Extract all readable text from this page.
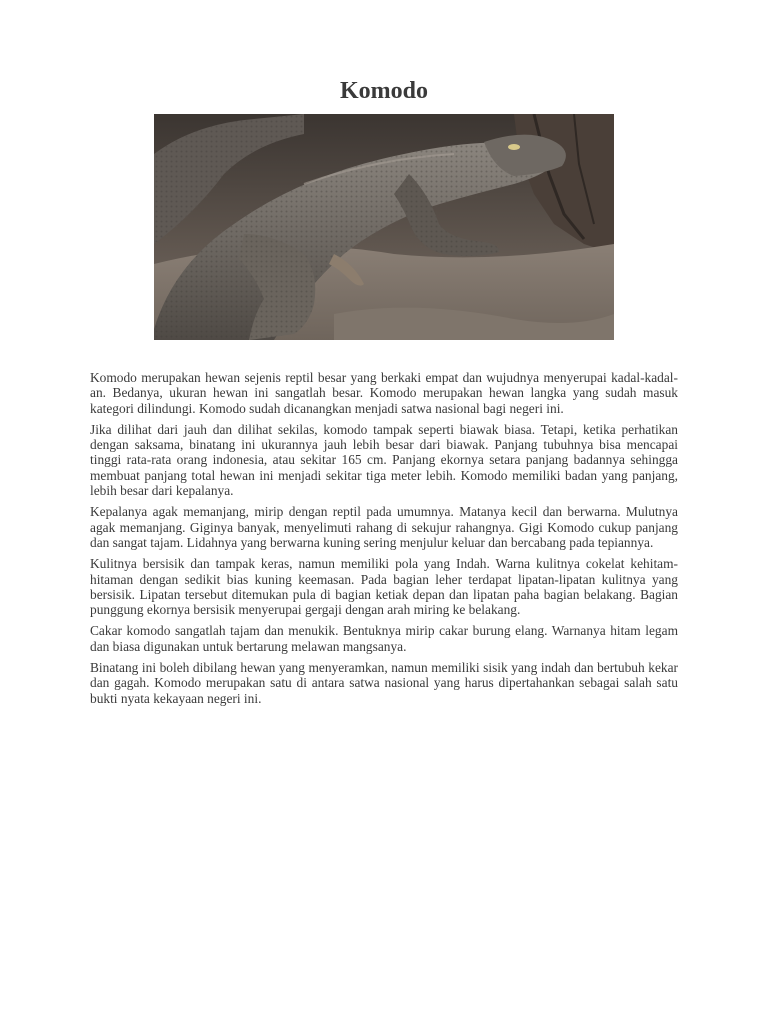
Komodo

Komodo merupakan hewan sejenis reptil besar yang berkaki empat dan wujudnya menyerupai kadal-kadal-an. Bedanya, ukuran hewan ini sangatlah besar. Komodo merupakan hewan langka yang sudah masuk kategori dilindungi. Komodo sudah dicanangkan menjadi satwa nasional bagi negeri ini.

Jika dilihat dari jauh dan dilihat sekilas, komodo tampak seperti biawak biasa. Tetapi, ketika perhatikan dengan saksama, binatang ini ukurannya jauh lebih besar dari biawak. Panjang tubuhnya bisa mencapai tinggi rata-rata orang indonesia, atau sekitar 165 cm. Panjang ekornya setara panjang badannya sehingga membuat panjang total hewan ini menjadi sekitar tiga meter lebih. Komodo memiliki badan yang panjang, lebih besar dari kepalanya.

Kepalanya agak memanjang, mirip dengan reptil pada umumnya. Matanya kecil dan berwarna. Mulutnya agak memanjang. Giginya banyak, menyelimuti rahang di sekujur rahangnya. Gigi Komodo cukup panjang dan sangat tajam. Lidahnya yang berwarna kuning sering menjulur keluar dan bercabang pada tepiannya.

Kulitnya bersisik dan tampak keras, namun memiliki pola yang Indah. Warna kulitnya cokelat kehitam-hitaman dengan sedikit bias kuning keemasan. Pada bagian leher terdapat lipatan-lipatan kulitnya yang bersisik. Lipatan tersebut ditemukan pula di bagian ketiak depan dan lipatan paha bagian belakang. Bagian punggung ekornya bersisik menyerupai gergaji dengan arah miring ke belakang.

Cakar komodo sangatlah tajam dan menukik. Bentuknya mirip cakar burung elang. Warnanya hitam legam dan biasa digunakan untuk bertarung melawan mangsanya.

Binatang ini boleh dibilang hewan yang menyeramkan, namun memiliki sisik yang indah dan bertubuh kekar dan gagah. Komodo merupakan satu di antara satwa nasional yang harus dipertahankan sebagai salah satu bukti nyata kekayaan negeri ini.
